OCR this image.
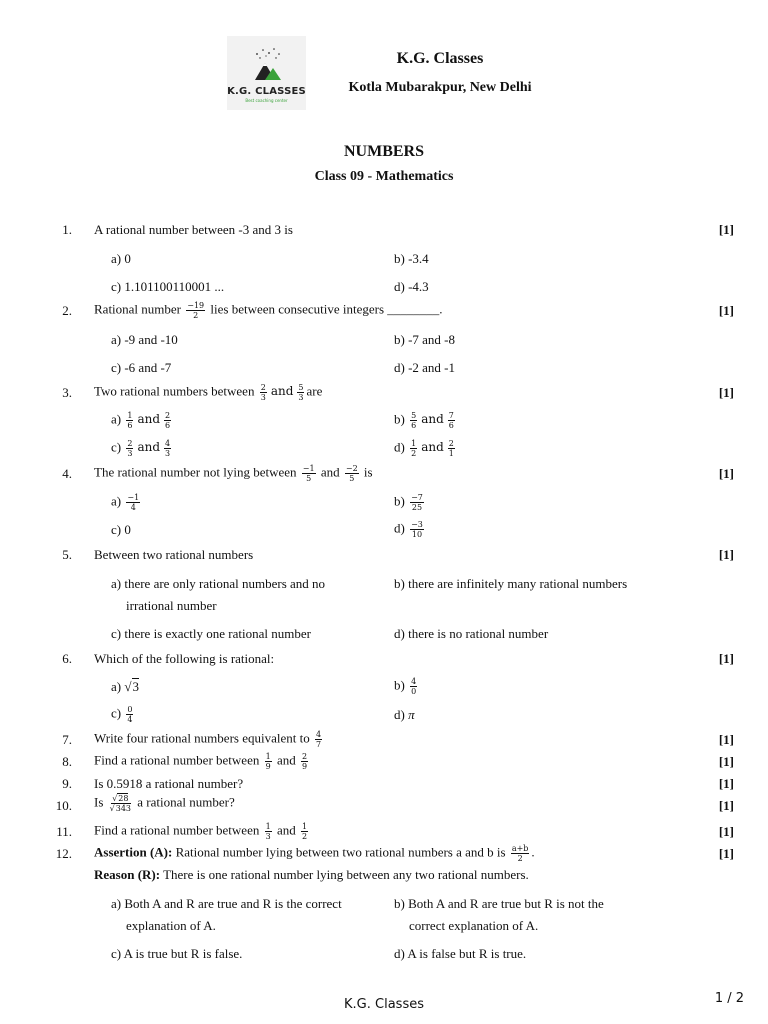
K.G. CLASSES
Best coaching center
K.G. Classes
Kotla Mubarakpur, New Delhi
NUMBERS
Class 09 - Mathematics
1. A rational number between -3 and 3 is	[1]
a) 0	b) -3.4
c) 1.101100110001 ...	d) -4.3
2. Rational number $\frac{-19}{2}$ lies between consecutive integers ________.	[1]
a) -9 and -10	b) -7 and -8
c) -6 and -7	d) -2 and -1
3. Two rational numbers between $\frac{2}{3}$ and $\frac{5}{3}$ are	[1]
$a) \frac{1}{6}$ and $\frac{2}{6}$	$b) \frac{5}{6}$ and $\frac{7}{6}$
$c) \frac{2}{3}$ and $\frac{4}{3}$	$d) \frac{1}{2}$ and $\frac{2}{1}$
4. The rational number not lying between $\frac{-1}{5}$ and $\frac{-2}{5}$ is	[1]
$a) \frac{-1}{4}$	$b) \frac{-7}{25}$
c) 0	$d) \frac{-3}{10}$
5. Between two rational numbers	[1]
a) there are only rational numbers and no
irrational number
b) there are infinitely many rational numbers
c) there is exactly one rational number	d) there is no rational number
6. Which of the following is rational:	[1]
a) √3	$b) \frac{4}{0}$
$c) \frac{0}{4}$	d) π
7. Write four rational numbers equivalent to $\frac{4}{7}$	[1]
8. Find a rational number between $\frac{1}{9}$ and $\frac{2}{9}$	[1]
9. Is 0.5918 a rational number?	[1]
10. Is $\frac{√28}{√343}$ a rational number?	[1]
11. Find a rational number between $\frac{1}{3}$ and $\frac{1}{2}$	[1]
12. Assertion (A): Rational number lying between two rational numbers a and b is $\frac{a+b}{2}$ .	[1]
Reason (R): There is one rational number lying between any two rational numbers.
a) Both A and R are true and R is the correct
explanation of A.
b) Both A and R are true but R is not the
correct explanation of A.
c) A is true but R is false.	d) A is false but R is true.
K.G. Classes	1 / 2
